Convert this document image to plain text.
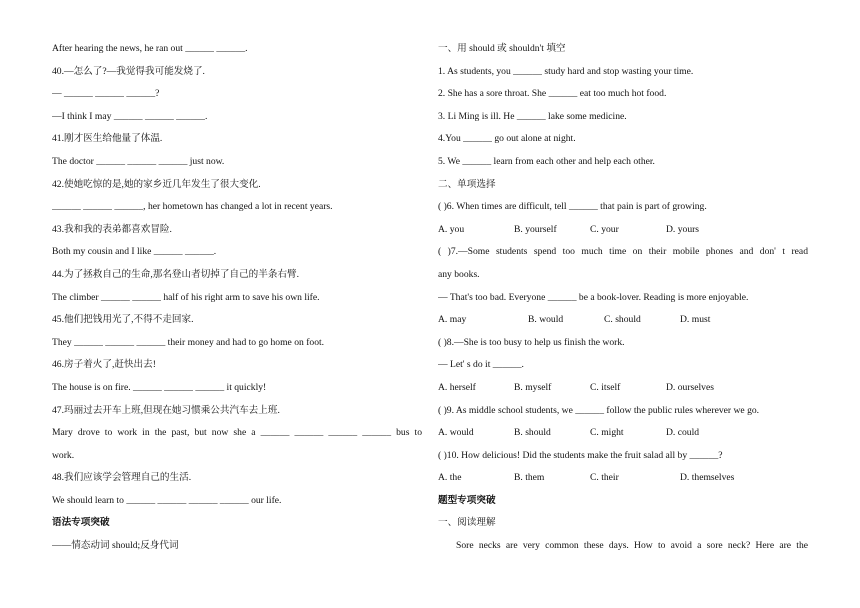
After hearing the news, he ran out ______ ______.
40.—怎么了?—我觉得我可能发烧了.
— ______ ______ ______?
—I think I may ______ ______ ______.
41.刚才医生给他量了体温.
The doctor ______ ______ ______ just now.
42.使她吃惊的是,她的家乡近几年发生了很大变化.
______ ______ ______, her hometown has changed a lot in recent years.
43.我和我的表弟都喜欢冒险.
Both my cousin and I like ______ ______.
44.为了拯救自己的生命,那名登山者切掉了自己的半条右臂.
The climber ______ ______ half of his right arm to save his own life.
45.他们把钱用光了,不得不走回家.
They ______ ______ ______ their money and had to go home on foot.
46.房子着火了,赶快出去!
The house is on fire. ______ ______ ______ it quickly!
47.玛丽过去开车上班,但现在她习惯乘公共汽车去上班.
Mary drove to work in the past, but now she a ______ ______ ______ ______ bus to
work.
48.我们应该学会管理自己的生活.
We should learn to ______ ______ ______ ______ our life.
语法专项突破
——情态动词 should;反身代词
一、用 should 或 shouldn't 填空
1. As students, you ______ study hard and stop wasting your time.
2. She has a sore throat. She ______ eat too much hot food.
3. Li Ming is ill. He ______ lake some medicine.
4.You ______ go out alone at night.
5. We ______ learn from each other and help each other.
二、单项选择
( )6. When times are difficult, tell ______ that pain is part of growing.
A. you	B. yourself	C. your	D. yours
( )7.—Some students spend too much time on their mobile phones and don' t read
any books.
— That's too bad. Everyone ______ be a book-lover. Reading is more enjoyable.
A. may	B. would	C. should	D. must
( )8.—She is too busy to help us finish the work.
— Let' s do it ______.
A. herself	B. myself	C. itself	D. ourselves
( )9. As middle school students, we ______ follow the public rules wherever we go.
A. would	B. should	C. might	D. could
( )10. How delicious! Did the students make the fruit salad all by ______?
A. the	B. them	C. their	D. themselves
题型专项突破
一、阅读理解
Sore necks are very common these days. How to avoid a sore neck? Here are the
